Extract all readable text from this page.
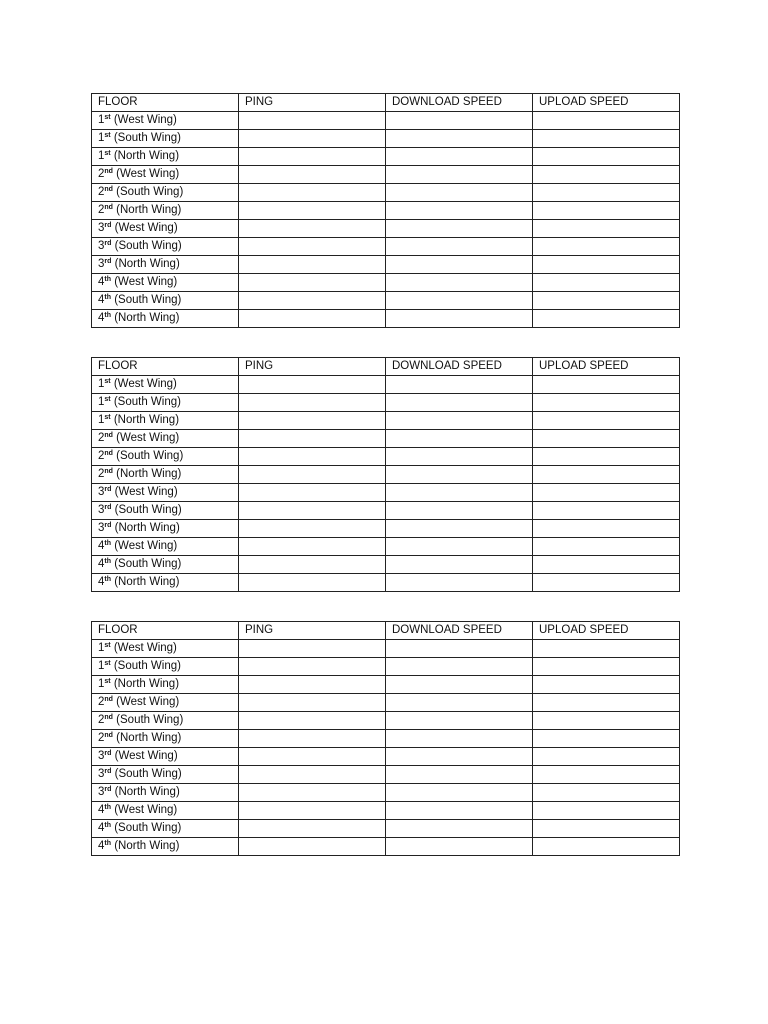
FLOOR	PING	DOWNLOAD SPEED	UPLOAD SPEED
1st (West Wing)			
1st (South Wing)			
1st (North Wing)			
2nd (West Wing)			
2nd (South Wing)			
2nd (North Wing)			
3rd (West Wing)			
3rd (South Wing)			
3rd (North Wing)			
4th (West Wing)			
4th (South Wing)			
4th (North Wing)			
FLOOR	PING	DOWNLOAD SPEED	UPLOAD SPEED
1st (West Wing)			
1st (South Wing)			
1st (North Wing)			
2nd (West Wing)			
2nd (South Wing)			
2nd (North Wing)			
3rd (West Wing)			
3rd (South Wing)			
3rd (North Wing)			
4th (West Wing)			
4th (South Wing)			
4th (North Wing)			
FLOOR	PING	DOWNLOAD SPEED	UPLOAD SPEED
1st (West Wing)			
1st (South Wing)			
1st (North Wing)			
2nd (West Wing)			
2nd (South Wing)			
2nd (North Wing)			
3rd (West Wing)			
3rd (South Wing)			
3rd (North Wing)			
4th (West Wing)			
4th (South Wing)			
4th (North Wing)			
